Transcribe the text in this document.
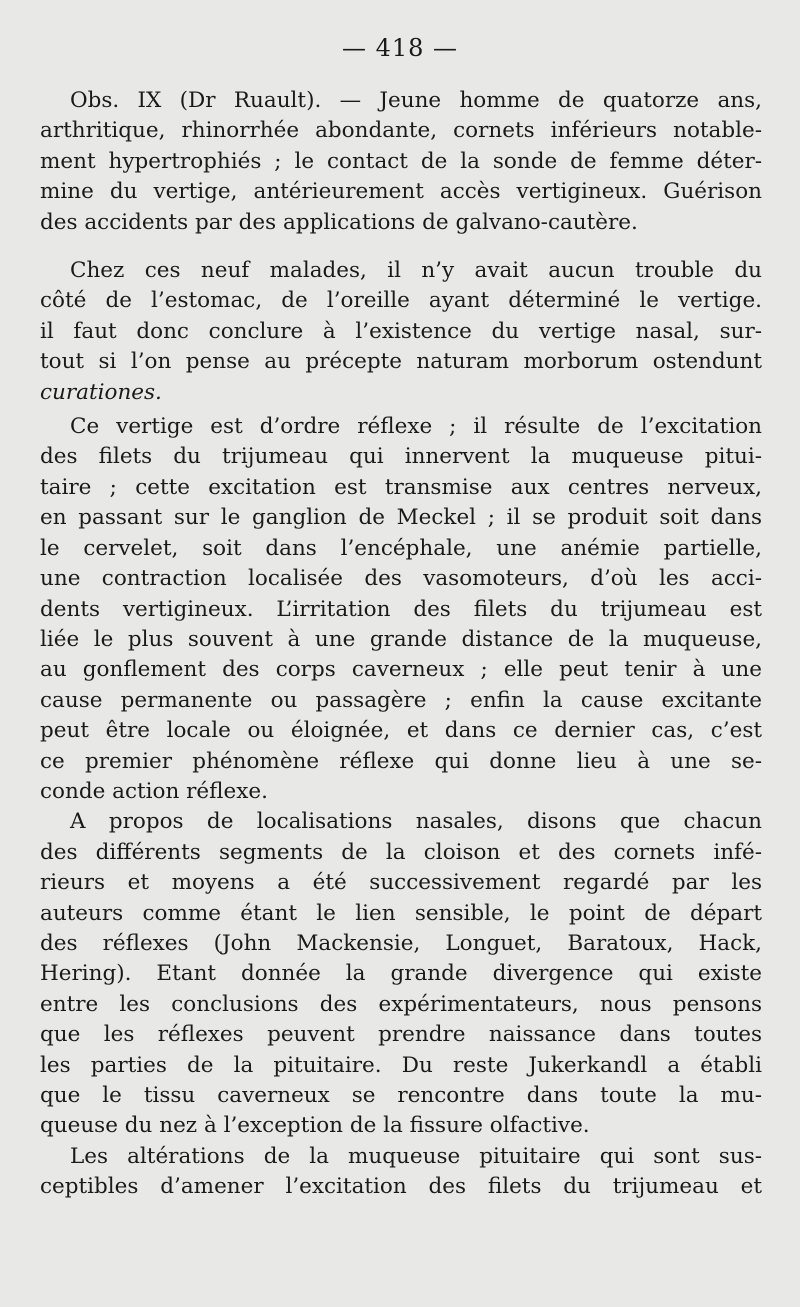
— 418 —
Obs. IX (Dr Ruault). — Jeune homme de quatorze ans,
arthritique, rhinorrhée abondante, cornets inférieurs notable-
ment hypertrophiés ; le contact de la sonde de femme déter-
mine du vertige, antérieurement accès vertigineux. Guérison
des accidents par des applications de galvano-cautère.
Chez ces neuf malades, il n’y avait aucun trouble du
côté de l’estomac, de l’oreille ayant déterminé le vertige.
il faut donc conclure à l’existence du vertige nasal, sur-
tout si l’on pense au précepte naturam morborum ostendunt
curationes.
Ce vertige est d’ordre réflexe ; il résulte de l’excitation
des filets du trijumeau qui innervent la muqueuse pitui-
taire ; cette excitation est transmise aux centres nerveux,
en passant sur le ganglion de Meckel ; il se produit soit dans
le cervelet, soit dans l’encéphale, une anémie partielle,
une contraction localisée des vasomoteurs, d’où les acci-
dents vertigineux. L’irritation des filets du trijumeau est
liée le plus souvent à une grande distance de la muqueuse,
au gonflement des corps caverneux ; elle peut tenir à une
cause permanente ou passagère ; enfin la cause excitante
peut être locale ou éloignée, et dans ce dernier cas, c’est
ce premier phénomène réflexe qui donne lieu à une se-
conde action réflexe.
A propos de localisations nasales, disons que chacun
des différents segments de la cloison et des cornets infé-
rieurs et moyens a été successivement regardé par les
auteurs comme étant le lien sensible, le point de départ
des réflexes (John Mackensie, Longuet, Baratoux, Hack,
Hering). Etant donnée la grande divergence qui existe
entre les conclusions des expérimentateurs, nous pensons
que les réflexes peuvent prendre naissance dans toutes
les parties de la pituitaire. Du reste Jukerkandl a établi
que le tissu caverneux se rencontre dans toute la mu-
queuse du nez à l’exception de la fissure olfactive.
Les altérations de la muqueuse pituitaire qui sont sus-
ceptibles d’amener l’excitation des filets du trijumeau et
